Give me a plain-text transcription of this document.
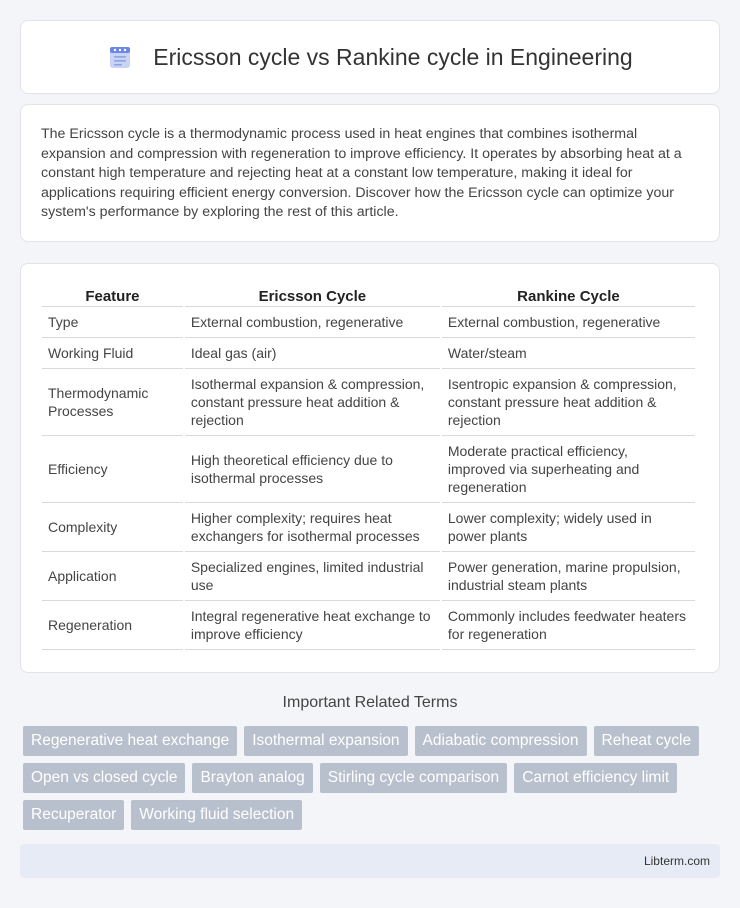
Ericsson cycle vs Rankine cycle in Engineering

The Ericsson cycle is a thermodynamic process used in heat engines that combines isothermal expansion and compression with regeneration to improve efficiency. It operates by absorbing heat at a constant high temperature and rejecting heat at a constant low temperature, making it ideal for applications requiring efficient energy conversion. Discover how the Ericsson cycle can optimize your system's performance by exploring the rest of this article.

Feature	Ericsson Cycle	Rankine Cycle
Type	External combustion, regenerative	External combustion, regenerative
Working Fluid	Ideal gas (air)	Water/steam
Thermodynamic Processes	Isothermal expansion & compression, constant pressure heat addition & rejection	Isentropic expansion & compression, constant pressure heat addition & rejection
Efficiency	High theoretical efficiency due to isothermal processes	Moderate practical efficiency, improved via superheating and regeneration
Complexity	Higher complexity; requires heat exchangers for isothermal processes	Lower complexity; widely used in power plants
Application	Specialized engines, limited industrial use	Power generation, marine propulsion, industrial steam plants
Regeneration	Integral regenerative heat exchange to improve efficiency	Commonly includes feedwater heaters for regeneration
Important Related Terms
Regenerative heat exchange	Isothermal expansion	Adiabatic compression	Reheat cycle
Open vs closed cycle	Brayton analog	Stirling cycle comparison	Carnot efficiency limit
Recuperator	Working fluid selection
Libterm.com
